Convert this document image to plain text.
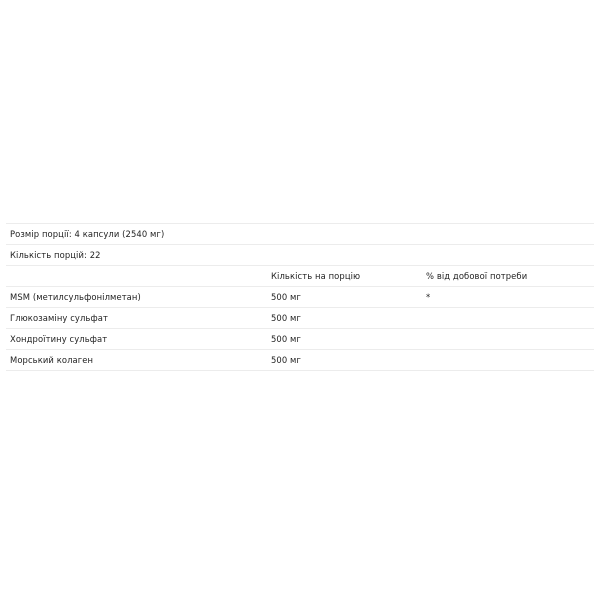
Розмір порції: 4 капсули (2540 мг)		
Кількість порцій: 22		
	Кількість на порцію	% від добової потреби
MSM (метилсульфонілметан)	500 мг	*
Глюкозаміну сульфат	500 мг	
Хондроїтину сульфат	500 мг	
Морський колаген	500 мг	
